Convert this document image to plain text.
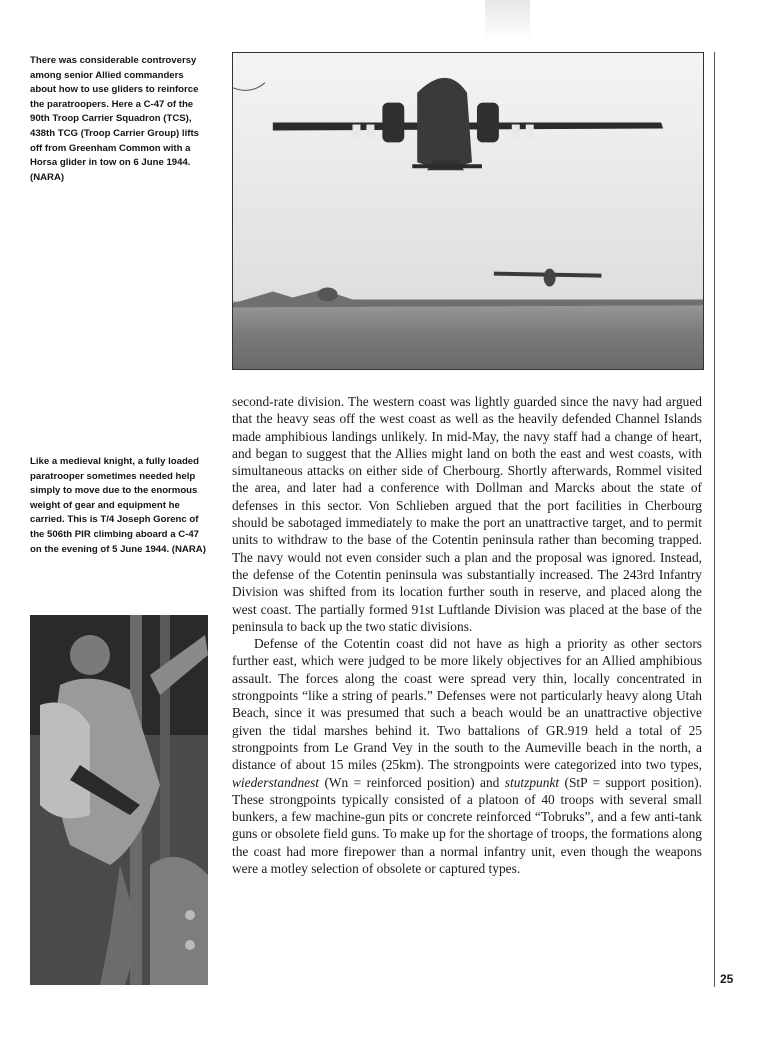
There was considerable controversy among senior Allied commanders about how to use gliders to reinforce the paratroopers. Here a C-47 of the 90th Troop Carrier Squadron (TCS), 438th TCG (Troop Carrier Group) lifts off from Greenham Common with a Horsa glider in tow on 6 June 1944. (NARA)
Like a medieval knight, a fully loaded paratrooper sometimes needed help simply to move due to the enormous weight of gear and equipment he carried. This is T/4 Joseph Gorenc of the 506th PIR climbing aboard a C-47 on the evening of 5 June 1944. (NARA)

second-rate division. The western coast was lightly guarded since the navy had argued that the heavy seas off the west coast as well as the heavily defended Channel Islands made amphibious landings unlikely. In mid-May, the navy staff had a change of heart, and began to suggest that the Allies might land on both the east and west coasts, with simultaneous attacks on either side of Cherbourg. Shortly afterwards, Rommel visited the area, and later had a conference with Dollman and Marcks about the state of defenses in this sector. Von Schlieben argued that the port facilities in Cherbourg should be sabotaged immediately to make the port an unattractive target, and to permit units to withdraw to the base of the Cotentin peninsula rather than becoming trapped. The navy would not even consider such a plan and the proposal was ignored. Instead, the defense of the Cotentin peninsula was substantially increased. The 243rd Infantry Division was shifted from its location further south in reserve, and placed along the west coast. The partially formed 91st Luftlande Division was placed at the base of the peninsula to back up the two static divisions.

Defense of the Cotentin coast did not have as high a priority as other sectors further east, which were judged to be more likely objectives for an Allied amphibious assault. The forces along the coast were spread very thin, locally concentrated in strongpoints “like a string of pearls.” Defenses were not particularly heavy along Utah Beach, since it was presumed that such a beach would be an unattractive objective given the tidal marshes behind it. Two battalions of GR.919 held a total of 25 strongpoints from Le Grand Vey in the south to the Aumeville beach in the north, a distance of about 15 miles (25km). The strongpoints were categorized into two types, wiederstandnest (Wn = reinforced position) and stutzpunkt (StP = support position). These strongpoints typically consisted of a platoon of 40 troops with several small bunkers, a few machine-gun pits or concrete reinforced “Tobruks”, and a few anti-tank guns or obsolete field guns. To make up for the shortage of troops, the formations along the coast had more firepower than a normal infantry unit, even though the weapons were a motley selection of obsolete or captured types.

25
